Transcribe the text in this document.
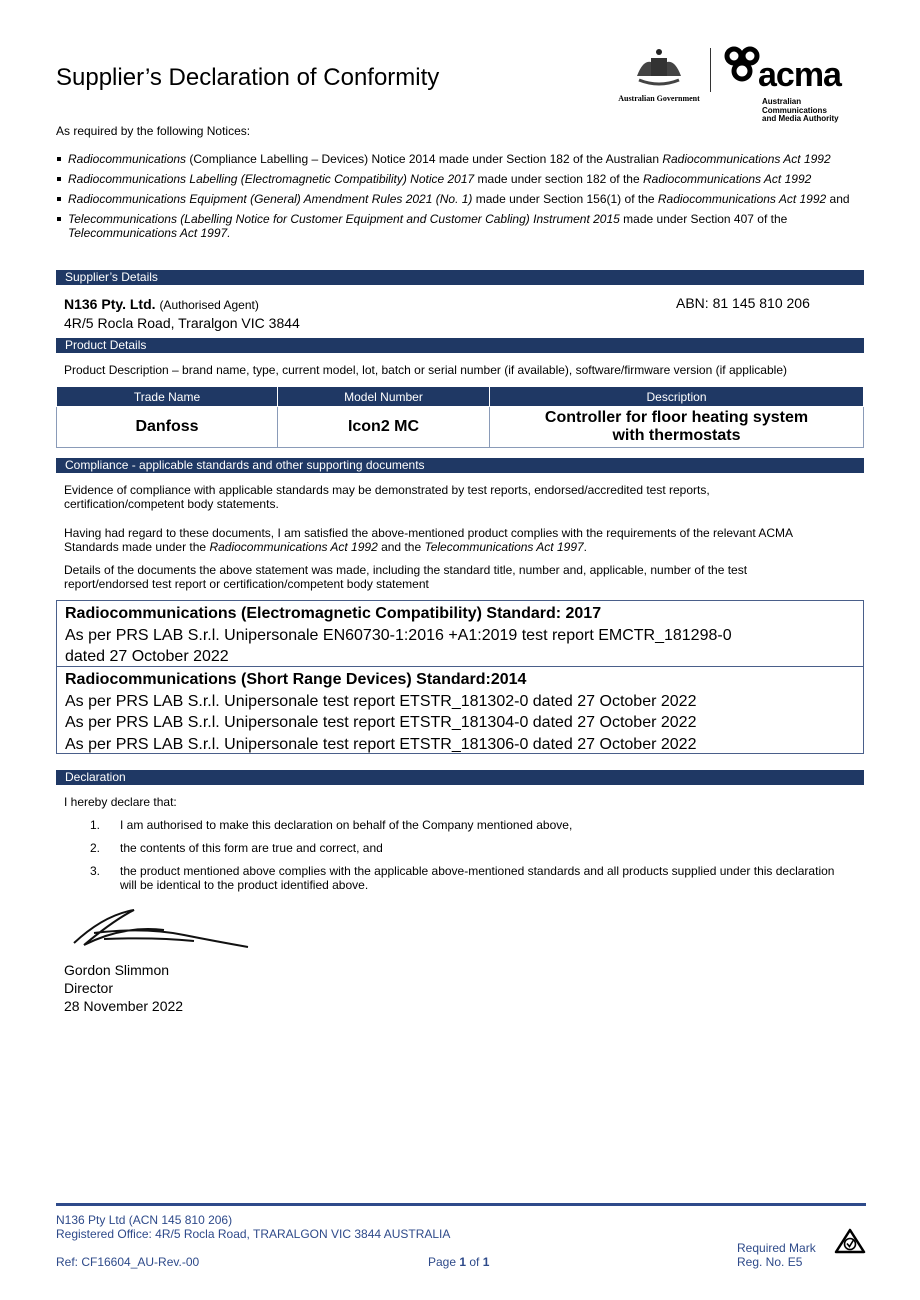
Supplier’s Declaration of Conformity
Australian Government
acma
Australian
Communications
and Media Authority
As required by the following Notices:
Radiocommunications (Compliance Labelling – Devices) Notice 2014 made under Section 182 of the Australian Radiocommunications Act 1992
Radiocommunications Labelling (Electromagnetic Compatibility) Notice 2017 made under section 182 of the Radiocommunications Act 1992
Radiocommunications Equipment (General) Amendment Rules 2021 (No. 1) made under Section 156(1) of the Radiocommunications Act 1992 and
Telecommunications (Labelling Notice for Customer Equipment and Customer Cabling) Instrument 2015 made under Section 407 of the Telecommunications Act 1997.
Supplier’s Details
N136 Pty. Ltd. (Authorised Agent)
4R/5 Rocla Road, Traralgon VIC 3844
ABN: 81 145 810 206
Product Details
Product Description – brand name, type, current model, lot, batch or serial number (if available), software/firmware version (if applicable)
Trade Name	Model Number	Description
Danfoss	Icon2 MC	Controller for floor heating system with thermostats
Compliance - applicable standards and other supporting documents
Evidence of compliance with applicable standards may be demonstrated by test reports, endorsed/accredited test reports, certification/competent body statements.
Having had regard to these documents, I am satisfied the above-mentioned product complies with the requirements of the relevant ACMA Standards made under the Radiocommunications Act 1992 and the Telecommunications Act 1997.
Details of the documents the above statement was made, including the standard title, number and, applicable, number of the test report/endorsed test report or certification/competent body statement
Radiocommunications (Electromagnetic Compatibility) Standard: 2017
As per PRS LAB S.r.l. Unipersonale EN60730-1:2016 +A1:2019 test report EMCTR_181298-0
dated 27 October 2022
Radiocommunications (Short Range Devices) Standard:2014
As per PRS LAB S.r.l. Unipersonale test report ETSTR_181302-0 dated 27 October 2022
As per PRS LAB S.r.l. Unipersonale test report ETSTR_181304-0 dated 27 October 2022
As per PRS LAB S.r.l. Unipersonale test report ETSTR_181306-0 dated 27 October 2022
Declaration
I hereby declare that:
1. I am authorised to make this declaration on behalf of the Company mentioned above,
2. the contents of this form are true and correct, and
3. the product mentioned above complies with the applicable above-mentioned standards and all products supplied under this declaration will be identical to the product identified above.
Gordon Slimmon
Director
28 November 2022
N136 Pty Ltd (ACN 145 810 206)
Registered Office: 4R/5 Rocla Road, TRARALGON VIC 3844 AUSTRALIA
Ref: CF16604_AU-Rev.-00	Page 1 of 1
Required Mark
Reg. No. E5
